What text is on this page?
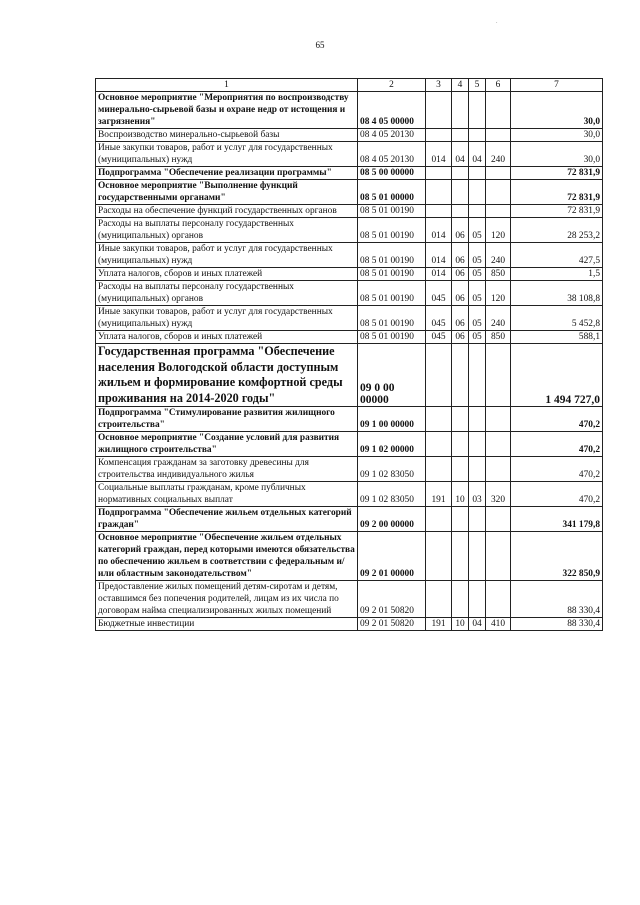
65
.
1	2	3	4	5	6	7
Основное мероприятие "Мероприятия по воспроизводству минерально-сырьевой базы и охране недр от истощения и загрязнения"	08 4 05 00000					30,0
Воспроизводство минерально-сырьевой базы	08 4 05 20130					30,0
Иные закупки товаров, работ и услуг для государственных (муниципальных) нужд	08 4 05 20130	014	04	04	240	30,0
Подпрограмма "Обеспечение реализации программы"	08 5 00 00000					72 831,9
Основное мероприятие "Выполнение функций государственными органами"	08 5 01 00000					72 831,9
Расходы на обеспечение функций государственных органов	08 5 01 00190					72 831,9
Расходы на выплаты персоналу государственных (муниципальных) органов	08 5 01 00190	014	06	05	120	28 253,2
Иные закупки товаров, работ и услуг для государственных (муниципальных) нужд	08 5 01 00190	014	06	05	240	427,5
Уплата налогов, сборов и иных платежей	08 5 01 00190	014	06	05	850	1,5
Расходы на выплаты персоналу государственных (муниципальных) органов	08 5 01 00190	045	06	05	120	38 108,8
Иные закупки товаров, работ и услуг для государственных (муниципальных) нужд	08 5 01 00190	045	06	05	240	5 452,8
Уплата налогов, сборов и иных платежей	08 5 01 00190	045	06	05	850	588,1
Государственная программа "Обеспечение населения Вологодской области доступным жильем и формирование комфортной среды проживания на 2014-2020 годы"	09 0 00 00000					1 494 727,0
Подпрограмма "Стимулирование развития жилищного строительства"	09 1 00 00000					470,2
Основное мероприятие "Создание условий для развития жилищного строительства"	09 1 02 00000					470,2
Компенсация гражданам за заготовку древесины для строительства индивидуального жилья	09 1 02 83050					470,2
Социальные выплаты гражданам, кроме публичных нормативных социальных выплат	09 1 02 83050	191	10	03	320	470,2
Подпрограмма "Обеспечение жильем отдельных категорий граждан"	09 2 00 00000					341 179,8
Основное мероприятие "Обеспечение жильем отдельных категорий граждан, перед которыми имеются обязательства по обеспечению жильем в соответствии с федеральным и/или областным законодательством"	09 2 01 00000					322 850,9
Предоставление жилых помещений детям-сиротам и детям, оставшимся без попечения родителей, лицам из их числа по договорам найма специализированных жилых помещений	09 2 01 50820					88 330,4
Бюджетные инвестиции	09 2 01 50820	191	10	04	410	88 330,4
